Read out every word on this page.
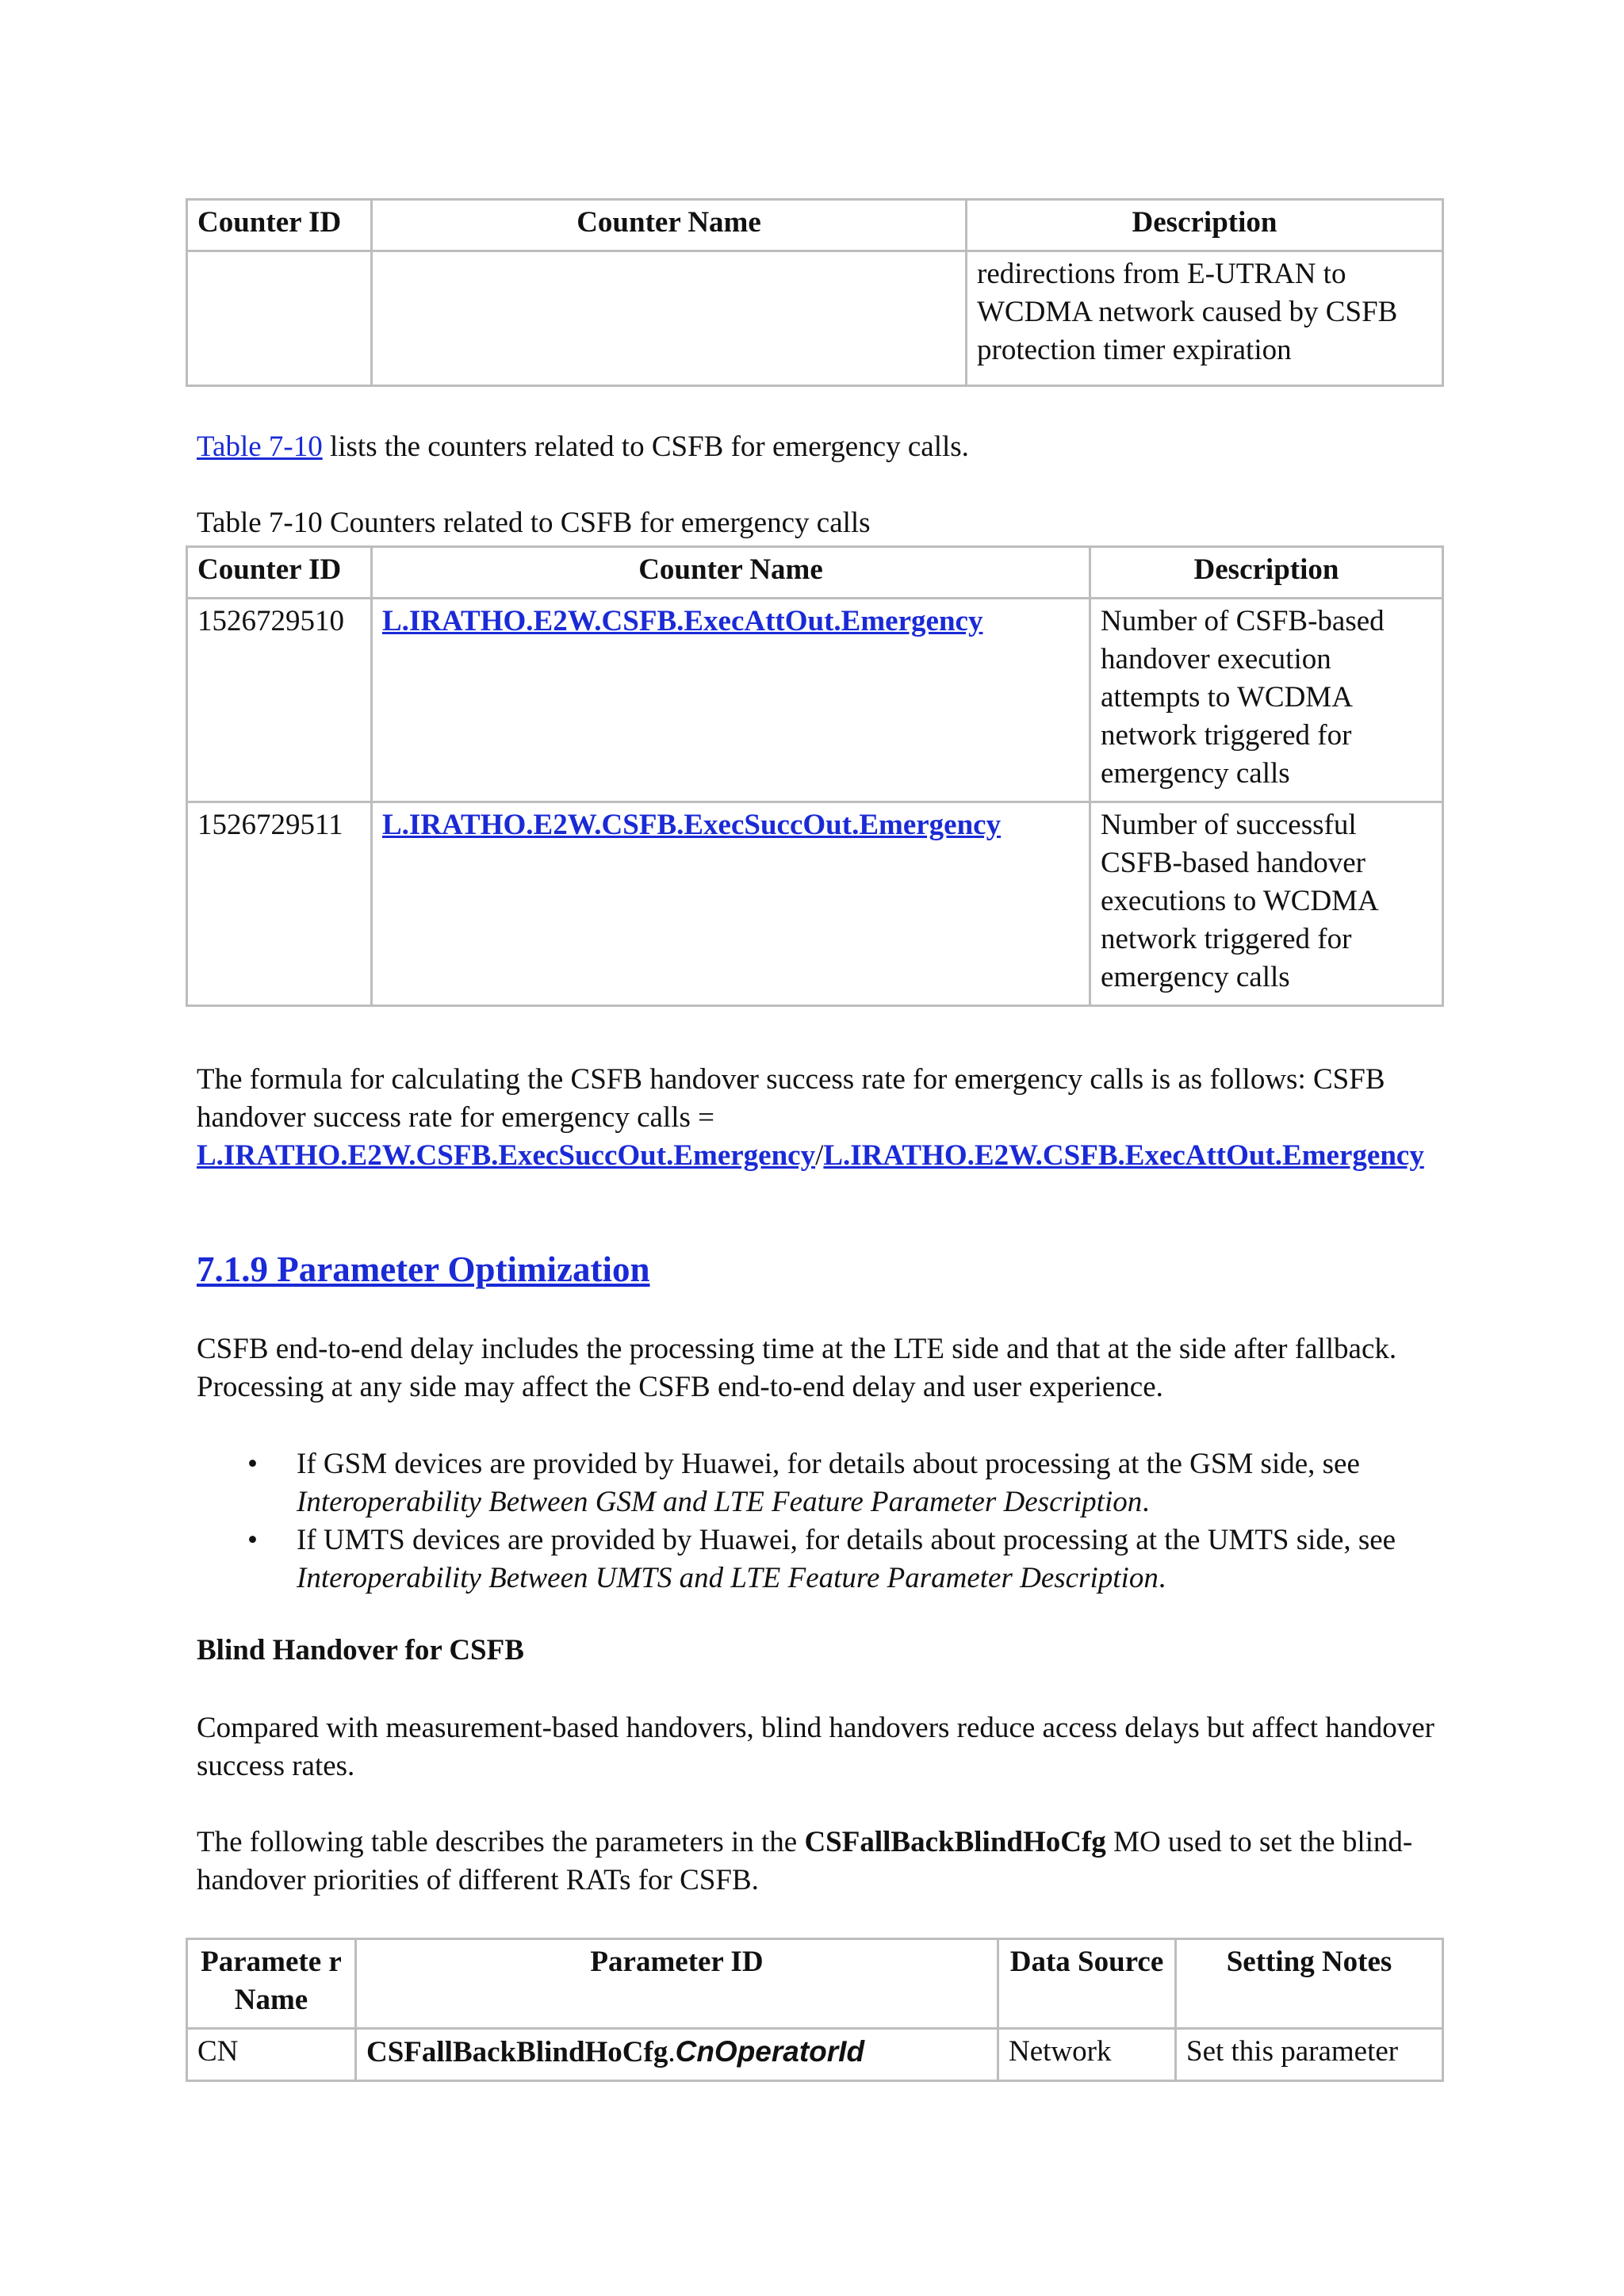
Counter ID	Counter Name	Description
		redirections from E-UTRAN to WCDMA network caused by CSFB protection timer expiration
Table 7-10 lists the counters related to CSFB for emergency calls.
Table 7-10 Counters related to CSFB for emergency calls
Counter ID	Counter Name	Description
1526729510	L.IRATHO.E2W.CSFB.ExecAttOut.Emergency	Number of CSFB-based handover execution attempts to WCDMA network triggered for emergency calls
1526729511	L.IRATHO.E2W.CSFB.ExecSuccOut.Emergency	Number of successful CSFB-based handover executions to WCDMA network triggered for emergency calls
The formula for calculating the CSFB handover success rate for emergency calls is as follows: CSFB handover success rate for emergency calls = L.IRATHO.E2W.CSFB.ExecSuccOut.Emergency/L.IRATHO.E2W.CSFB.ExecAttOut.Emergency
7.1.9 Parameter Optimization
CSFB end-to-end delay includes the processing time at the LTE side and that at the side after fallback. Processing at any side may affect the CSFB end-to-end delay and user experience.
• If GSM devices are provided by Huawei, for details about processing at the GSM side, see Interoperability Between GSM and LTE Feature Parameter Description.
• If UMTS devices are provided by Huawei, for details about processing at the UMTS side, see Interoperability Between UMTS and LTE Feature Parameter Description.
Blind Handover for CSFB
Compared with measurement-based handovers, blind handovers reduce access delays but affect handover success rates.
The following table describes the parameters in the CSFallBackBlindHoCfg MO used to set the blind-handover priorities of different RATs for CSFB.
Paramete r Name	Parameter ID	Data Source	Setting Notes
CN	CSFallBackBlindHoCfg.CnOperatorId	Network	Set this parameter
